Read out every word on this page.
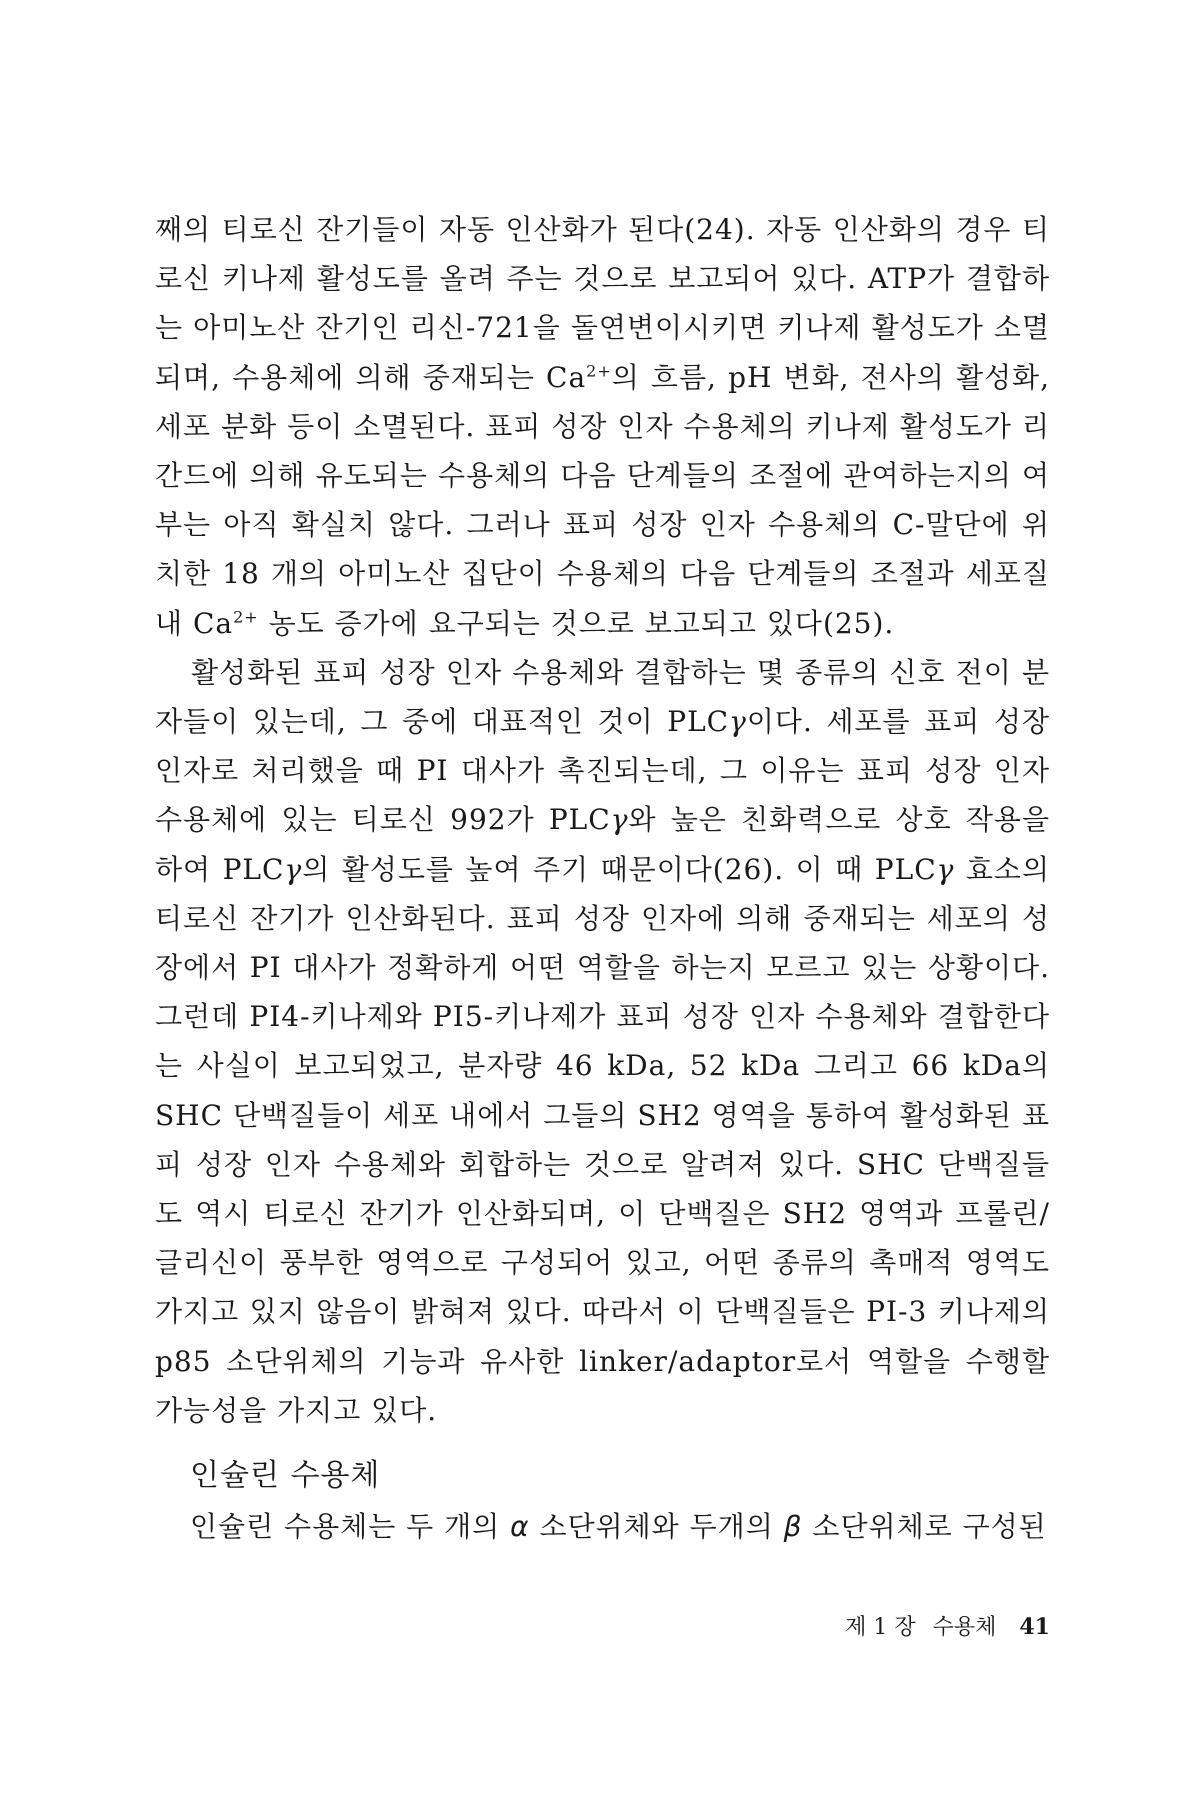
째의 티로신 잔기들이 자동 인산화가 된다(24). 자동 인산화의 경우 티로신 키나제 활성도를 올려 주는 것으로 보고되어 있다. ATP가 결합하는 아미노산 잔기인 리신-721을 돌연변이시키면 키나제 활성도가 소멸되며, 수용체에 의해 중재되는 $Ca^{2+}$의 흐름, pH 변화, 전사의 활성화, 세포 분화 등이 소멸된다. 표피 성장 인자 수용체의 키나제 활성도가 리간드에 의해 유도되는 수용체의 다음 단계들의 조절에 관여하는지의 여부는 아직 확실치 않다. 그러나 표피 성장 인자 수용체의 C-말단에 위치한 18 개의 아미노산 집단이 수용체의 다음 단계들의 조절과 세포질 내 $Ca^{2+}$ 농도 증가에 요구되는 것으로 보고되고 있다(25).

활성화된 표피 성장 인자 수용체와 결합하는 몇 종류의 신호 전이 분자들이 있는데, 그 중에 대표적인 것이 PLCγ이다. 세포를 표피 성장 인자로 처리했을 때 PI 대사가 촉진되는데, 그 이유는 표피 성장 인자 수용체에 있는 티로신 992가 PLCγ와 높은 친화력으로 상호 작용을 하여 PLCγ의 활성도를 높여 주기 때문이다(26). 이 때 PLCγ 효소의 티로신 잔기가 인산화된다. 표피 성장 인자에 의해 중재되는 세포의 성장에서 PI 대사가 정확하게 어떤 역할을 하는지 모르고 있는 상황이다. 그런데 PI4-키나제와 PI5-키나제가 표피 성장 인자 수용체와 결합한다는 사실이 보고되었고, 분자량 46 kDa, 52 kDa 그리고 66 kDa의 SHC 단백질들이 세포 내에서 그들의 SH2 영역을 통하여 활성화된 표피 성장 인자 수용체와 회합하는 것으로 알려져 있다. SHC 단백질들도 역시 티로신 잔기가 인산화되며, 이 단백질은 SH2 영역과 프롤린/글리신이 풍부한 영역으로 구성되어 있고, 어떤 종류의 촉매적 영역도 가지고 있지 않음이 밝혀져 있다. 따라서 이 단백질들은 PI-3 키나제의 p85 소단위체의 기능과 유사한 linker/adaptor로서 역할을 수행할 가능성을 가지고 있다.

인슐린 수용체

인슐린 수용체는 두 개의 α 소단위체와 두개의 β 소단위체로 구성된

제 1 장 수용체 41
